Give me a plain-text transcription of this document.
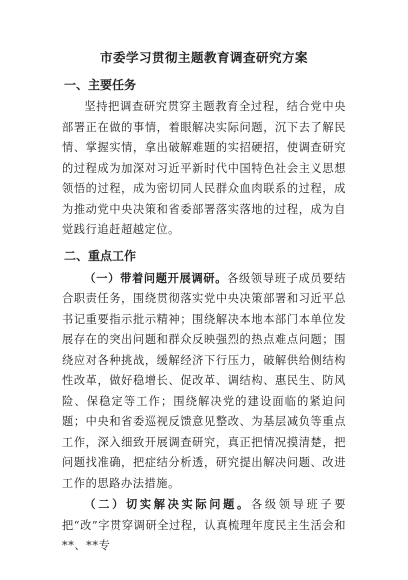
市委学习贯彻主题教育调查研究方案
一、主要任务

坚持把调查研究贯穿主题教育全过程，结合党中央部署正在做的事情，着眼解决实际问题，沉下去了解民情、掌握实情，拿出破解难题的实招硬招，使调查研究的过程成为加深对习近平新时代中国特色社会主义思想领悟的过程，成为密切同人民群众血肉联系的过程，成为推动党中央决策和省委部署落实落地的过程，成为自觉践行追赶超越定位。

二、重点工作

（一）带着问题开展调研。各级领导班子成员要结合职责任务，围绕贯彻落实党中央决策部署和习近平总书记重要指示批示精神；围绕解决本地本部门本单位发展存在的突出问题和群众反映强烈的热点难点问题；围绕应对各种挑战，缓解经济下行压力，破解供给侧结构性改革，做好稳增长、促改革、调结构、惠民生、防风险、保稳定等工作；围绕解决党的建设面临的紧迫问题；中央和省委巡视反馈意见整改、为基层减负等重点工作，深入细致开展调查研究，真正把情况摸清楚，把问题找准确，把症结分析透，研究提出解决问题、改进工作的思路办法措施。

（二）切实解决实际问题。各级领导班子要把“改”字贯穿调研全过程，认真梳理年度民主生活会和**、**专
